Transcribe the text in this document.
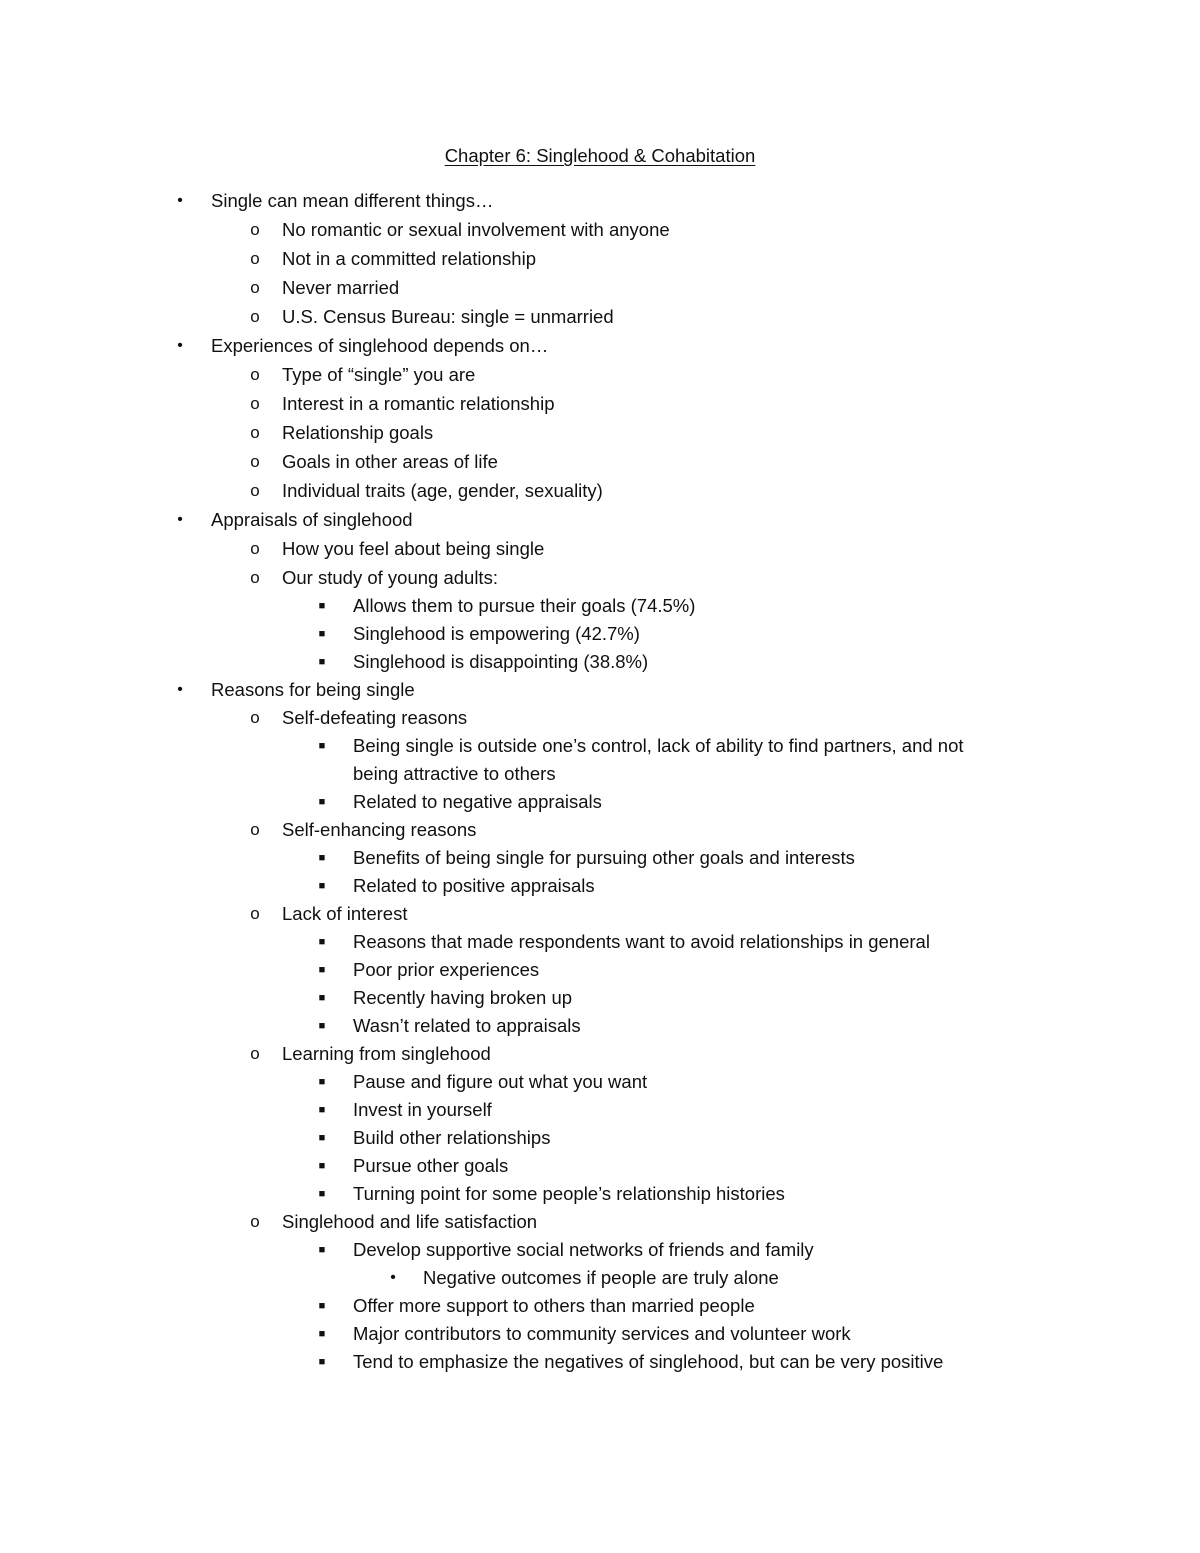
Chapter 6: Singlehood & Cohabitation
•	Single can mean different things…
o No romantic or sexual involvement with anyone
o Not in a committed relationship
o Never married
o U.S. Census Bureau: single = unmarried
•	Experiences of singlehood depends on…
o Type of “single” you are
o Interest in a romantic relationship
o Relationship goals
o Goals in other areas of life
o Individual traits (age, gender, sexuality)
•	Appraisals of singlehood
o How you feel about being single
o Our study of young adults:
■	Allows them to pursue their goals (74.5%)
■	Singlehood is empowering (42.7%)
■	Singlehood is disappointing (38.8%)
•	Reasons for being single
o Self-defeating reasons
■	Being single is outside one’s control, lack of ability to find partners, and not
being attractive to others
■	Related to negative appraisals
o Self-enhancing reasons
■	Benefits of being single for pursuing other goals and interests
■	Related to positive appraisals
o Lack of interest
■	Reasons that made respondents want to avoid relationships in general
■	Poor prior experiences
■	Recently having broken up
■	Wasn’t related to appraisals
o Learning from singlehood
■	Pause and figure out what you want
■	Invest in yourself
■	Build other relationships
■	Pursue other goals
■	Turning point for some people’s relationship histories
o Singlehood and life satisfaction
■	Develop supportive social networks of friends and family
•	Negative outcomes if people are truly alone
■	Offer more support to others than married people
■	Major contributors to community services and volunteer work
■	Tend to emphasize the negatives of singlehood, but can be very positive
